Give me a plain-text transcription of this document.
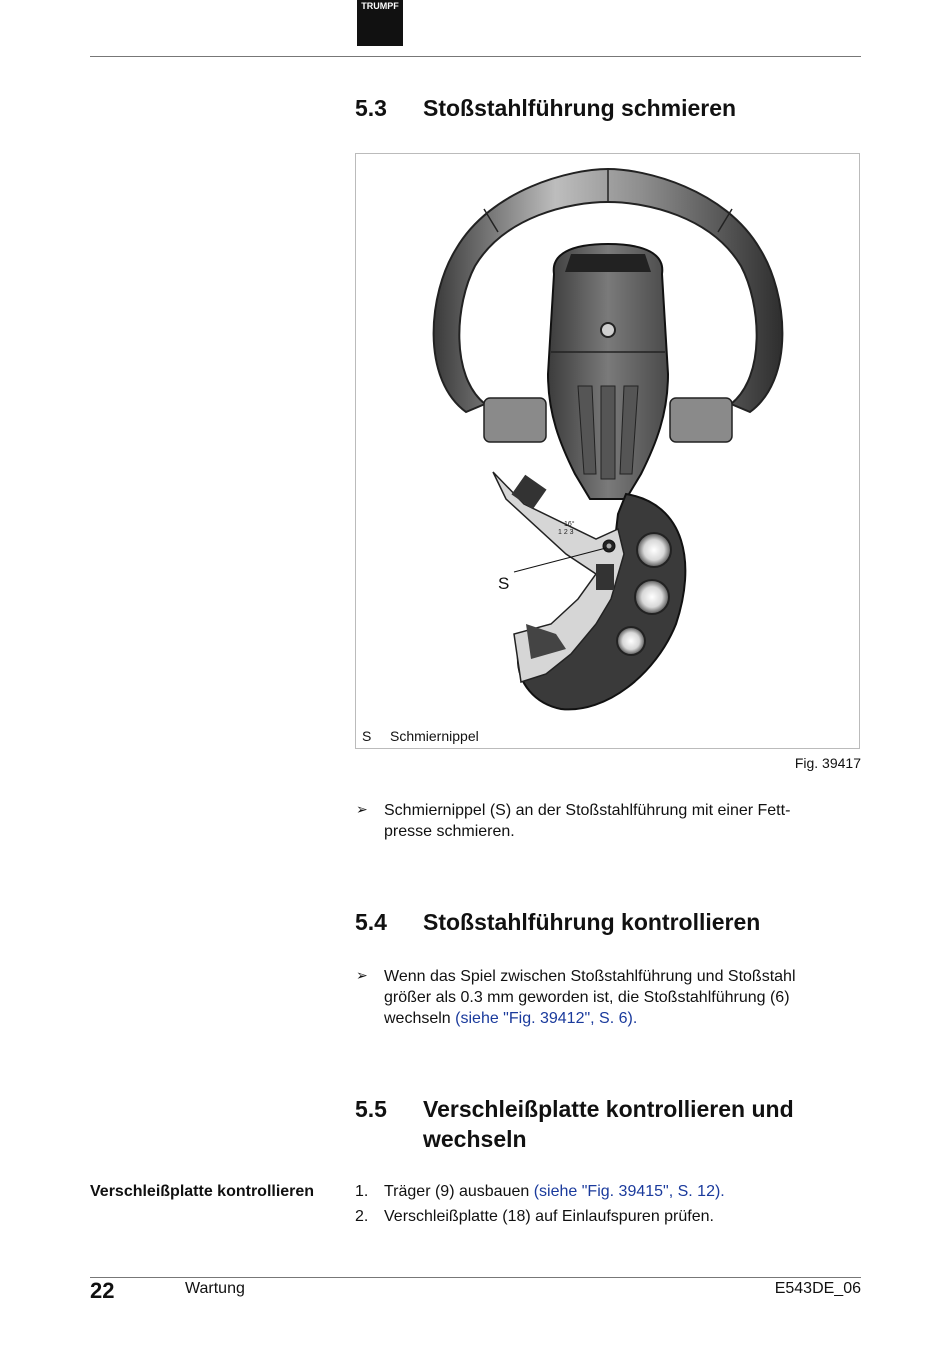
TRUMPF
5.3 Stoßstahlführung schmieren
1 2 3
16°
S
S Schmiernippel
Fig. 39417
➢ Schmiernippel (S) an der Stoßstahlführung mit einer Fett-
presse schmieren.
5.4 Stoßstahlführung kontrollieren
➢ Wenn das Spiel zwischen Stoßstahlführung und Stoßstahl
größer als 0.3 mm geworden ist, die Stoßstahlführung (6)
wechseln (siehe "Fig. 39412", S. 6).
5.5 Verschleißplatte kontrollieren und
wechseln
Verschleißplatte kontrollieren	1. Träger (9) ausbauen (siehe "Fig. 39415", S. 12).
2. Verschleißplatte (18) auf Einlaufspuren prüfen.
22	Wartung	E543DE_06
